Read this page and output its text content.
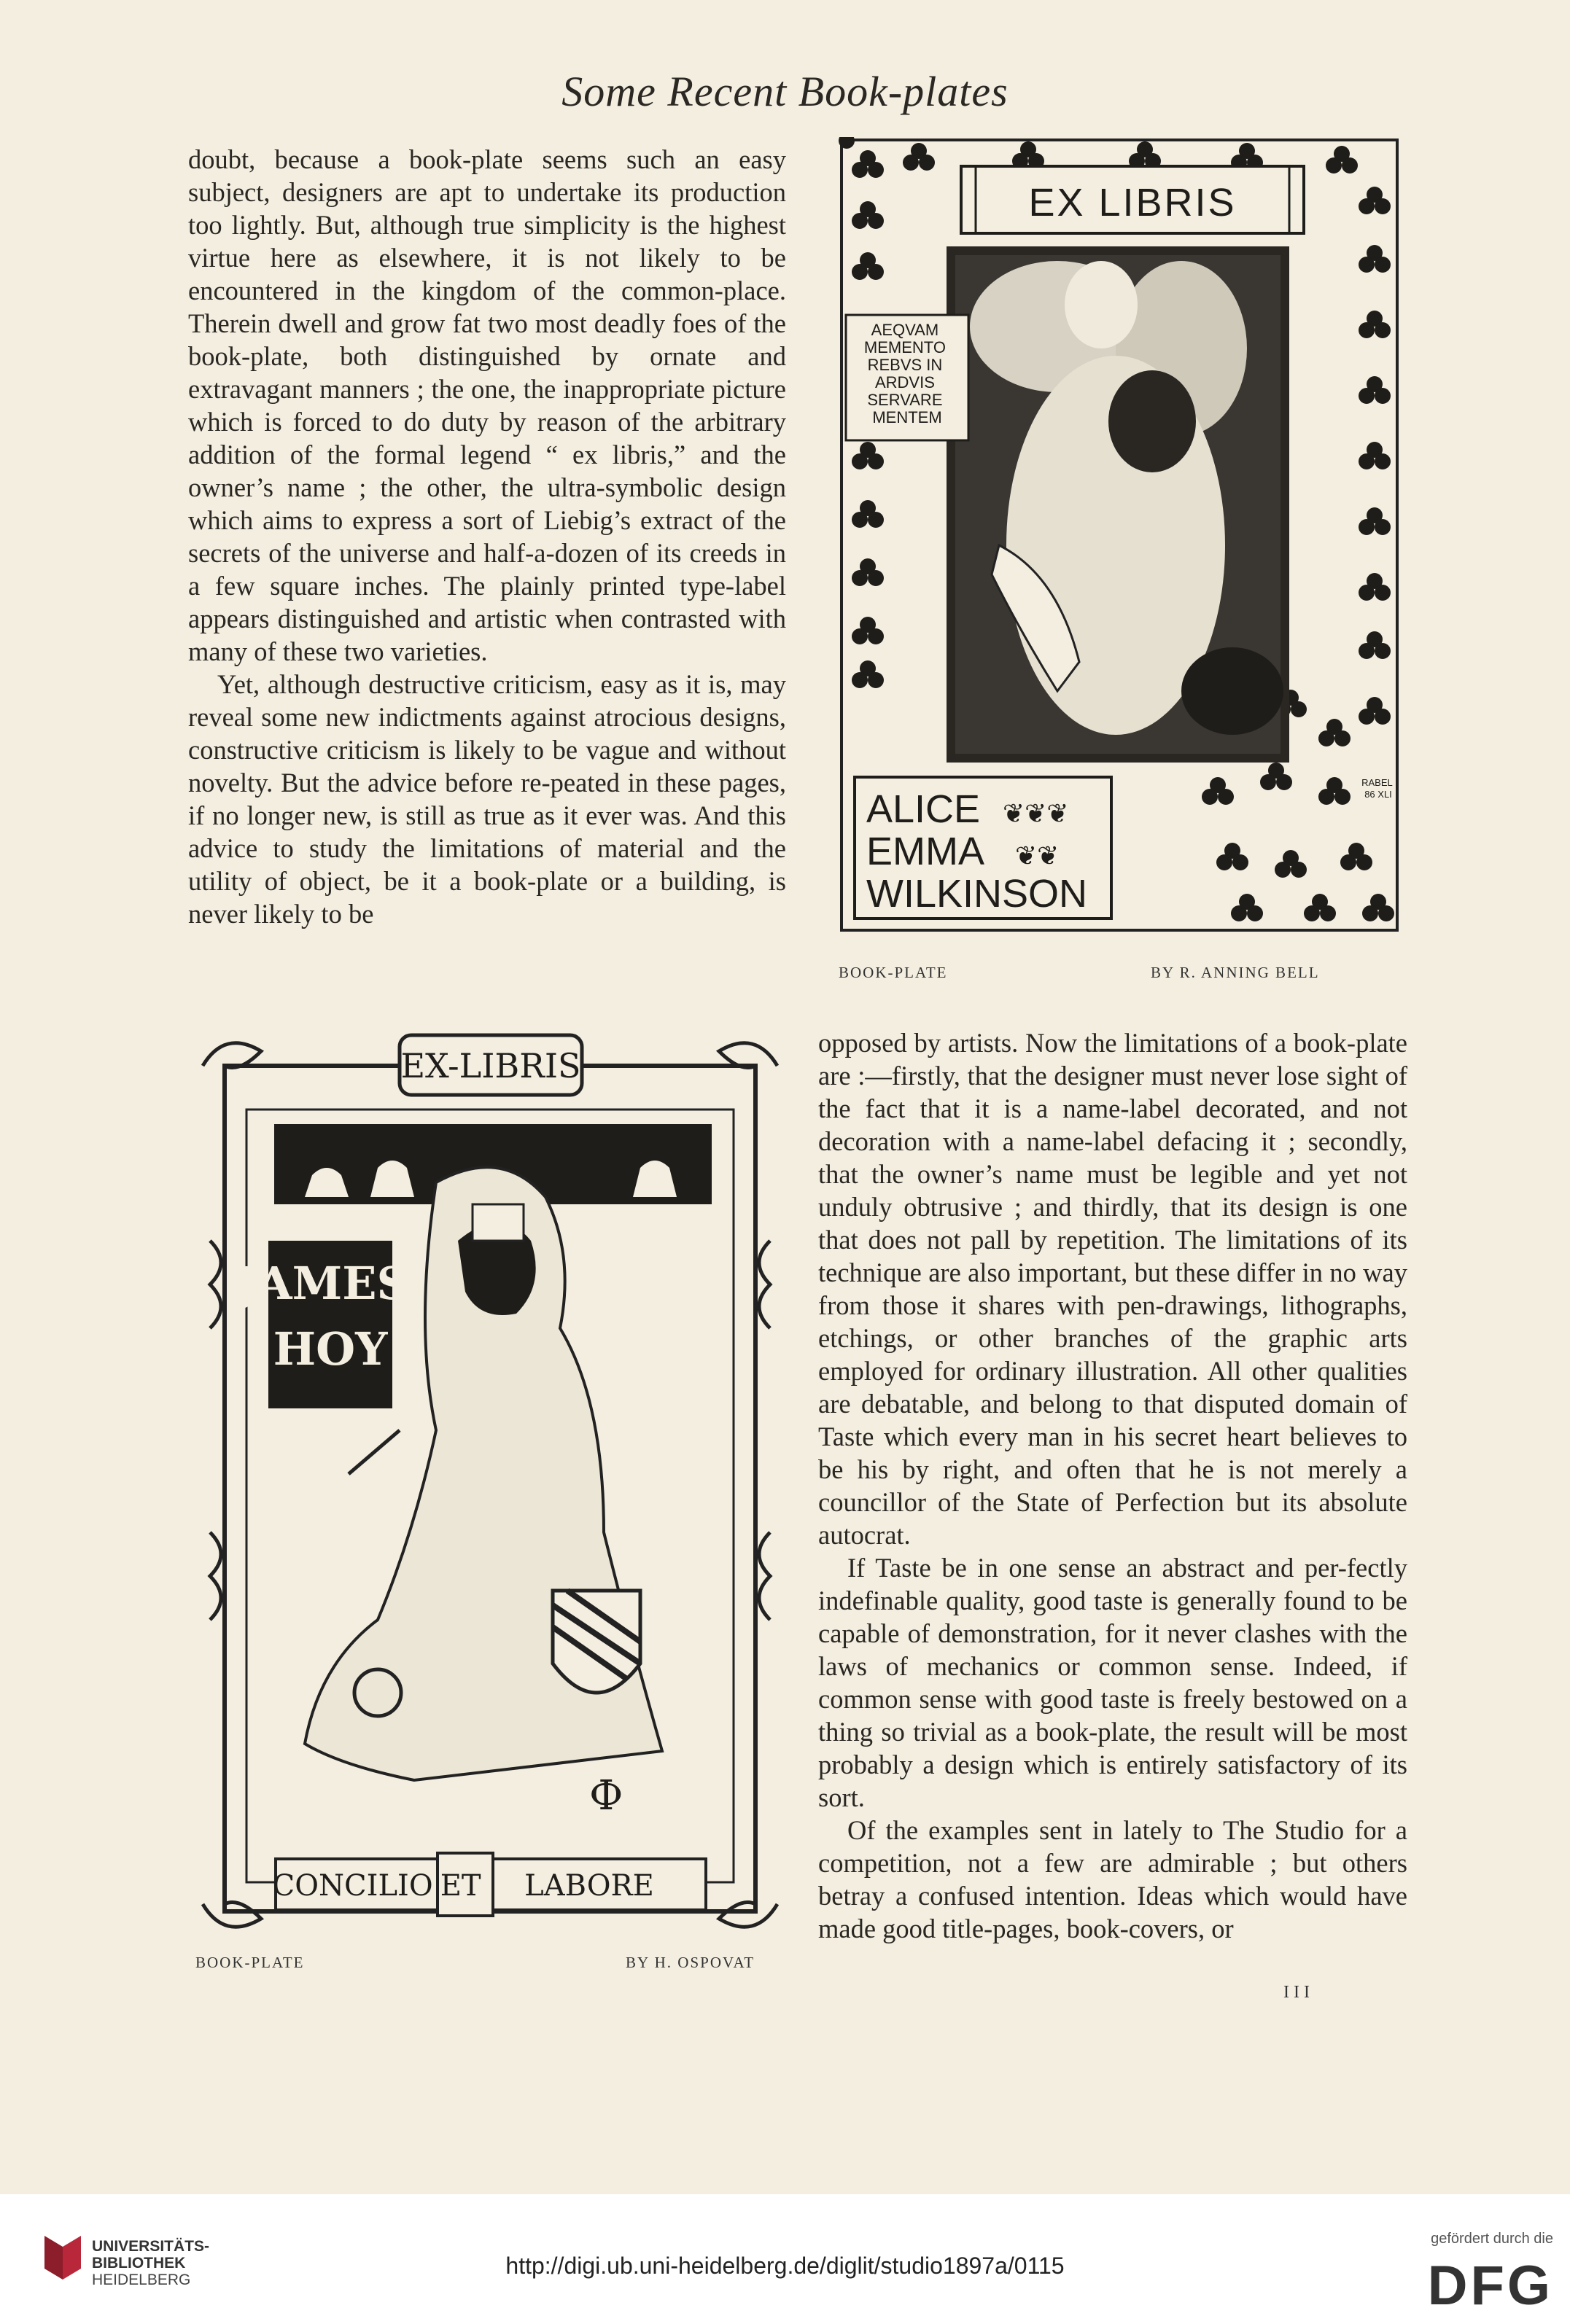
Some Recent Book-plates

doubt, because a book-plate seems such an easy subject, designers are apt to undertake its production too lightly. But, although true simplicity is the highest virtue here as elsewhere, it is not likely to be encountered in the kingdom of the common-place. Therein dwell and grow fat two most deadly foes of the book-plate, both distinguished by ornate and extravagant manners ; the one, the inappropriate picture which is forced to do duty by reason of the arbitrary addition of the formal legend “ ex libris,” and the owner’s name ; the other, the ultra-symbolic design which aims to express a sort of Liebig’s extract of the secrets of the universe and half-a-dozen of its creeds in a few square inches. The plainly printed type-label appears distinguished and artistic when contrasted with many of these two varieties.

Yet, although destructive criticism, easy as it is, may reveal some new indictments against atrocious designs, constructive criticism is likely to be vague and without novelty. But the advice before re-peated in these pages, if no longer new, is still as true as it ever was. And this advice to study the limitations of material and the utility of object, be it a book-plate or a building, is never likely to be

EX LIBRIS
AEQVAM MEMENTO REBVS IN ARDVIS SERVARE MENTEM
ALICE EMMA WILKINSON
❦❦❦ ❦❦
RABEL 86 XLI
BOOK-PLATE	BY R. ANNING BELL
EX-LIBRIS
JAMES HOY
Ф
CONCILIO ET LABORE
BOOK-PLATE	BY H. OSPOVAT

opposed by artists. Now the limitations of a book-plate are :—firstly, that the designer must never lose sight of the fact that it is a name-label decorated, and not decoration with a name-label defacing it ; secondly, that the owner’s name must be legible and yet not unduly obtrusive ; and thirdly, that its design is one that does not pall by repetition. The limitations of its technique are also important, but these differ in no way from those it shares with pen-drawings, lithographs, etchings, or other branches of the graphic arts employed for ordinary illustration. All other qualities are debatable, and belong to that disputed domain of Taste which every man in his secret heart believes to be his by right, and often that he is not merely a councillor of the State of Perfection but its absolute autocrat.

If Taste be in one sense an abstract and per-fectly indefinable quality, good taste is generally found to be capable of demonstration, for it never clashes with the laws of mechanics or common sense. Indeed, if common sense with good taste is freely bestowed on a thing so trivial as a book-plate, the result will be most probably a design which is entirely satisfactory of its sort.

Of the examples sent in lately to The Studio for a competition, not a few are admirable ; but others betray a confused intention. Ideas which would have made good title-pages, book-covers, or

III
UNIVERSITÄTS-
BIBLIOTHEK
HEIDELBERG
http://digi.ub.uni-heidelberg.de/diglit/studio1897a/0115
gefördert durch die
DFG
